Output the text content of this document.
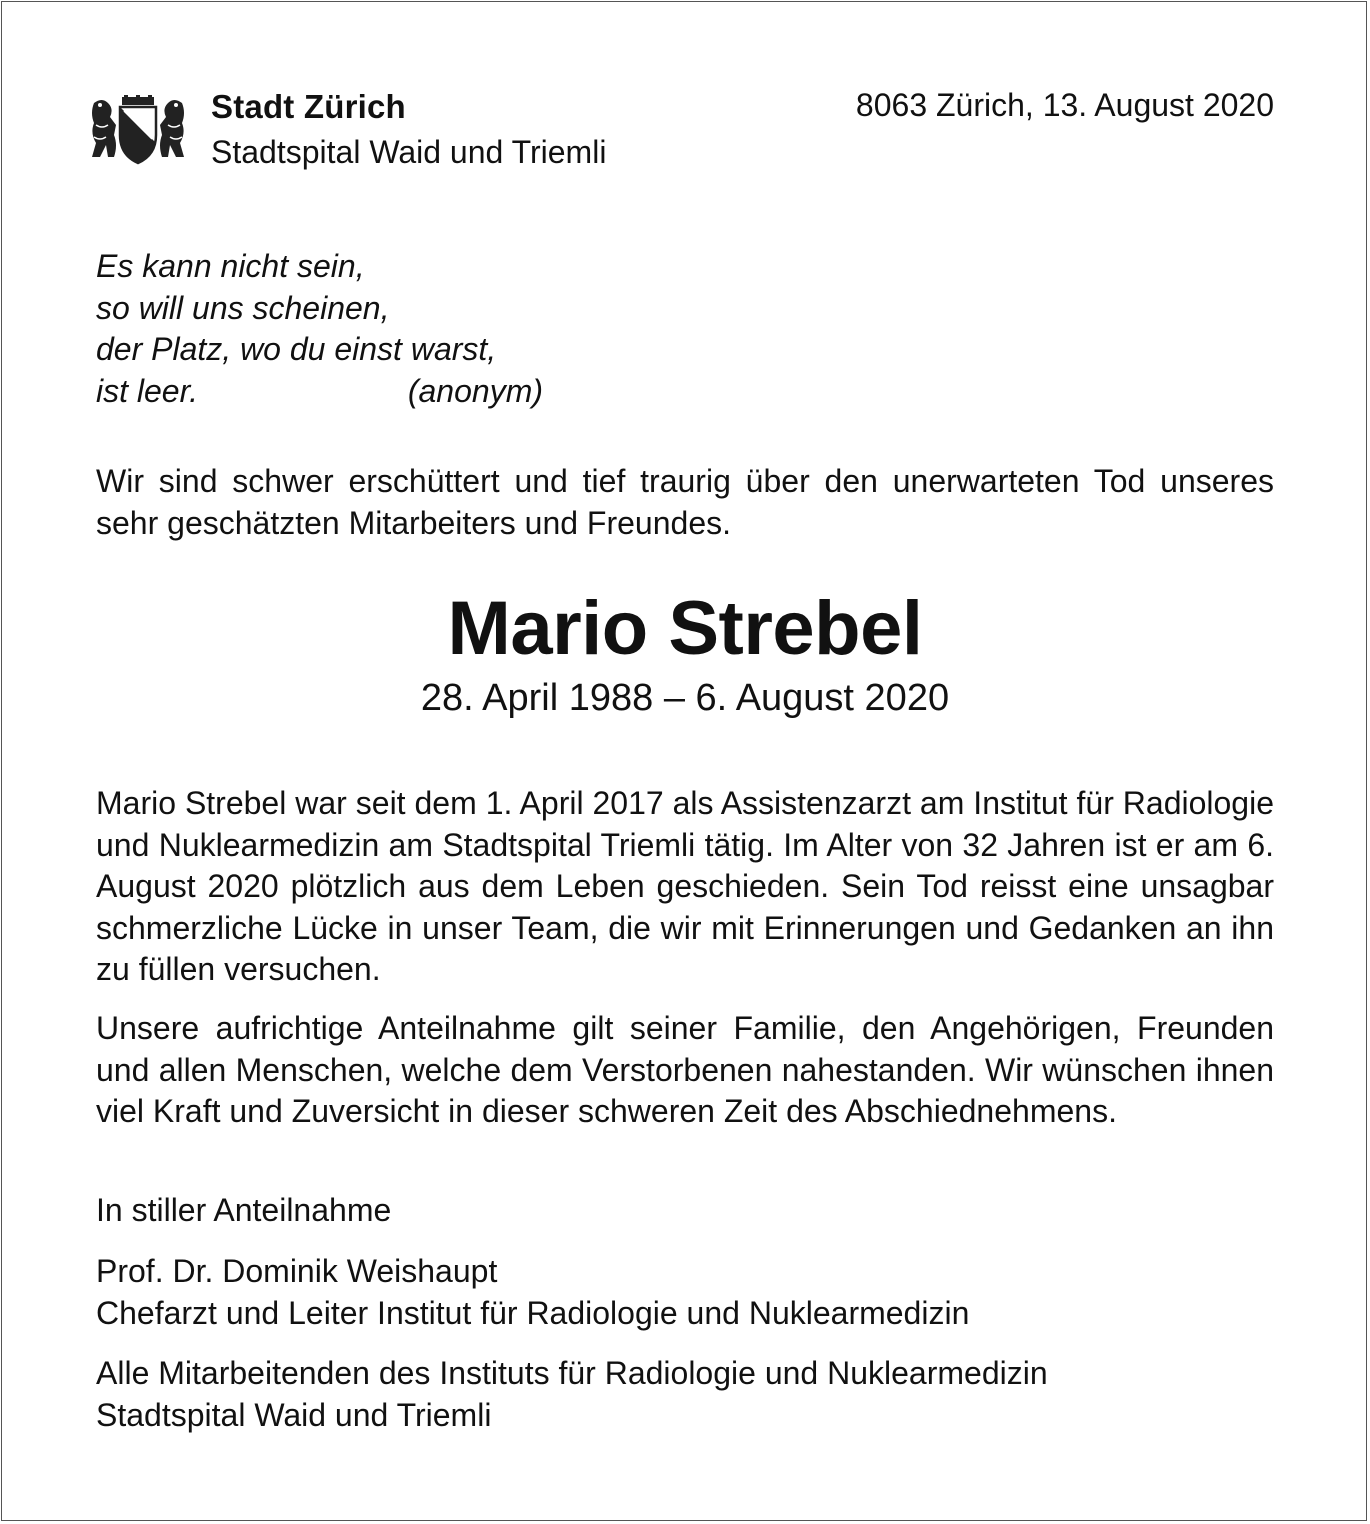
Stadt Zürich
Stadtspital Waid und Triemli
8063 Zürich, 13. August 2020
Es kann nicht sein,
so will uns scheinen,
der Platz, wo du einst warst,
ist leer.	(anonym)

Wir sind schwer erschüttert und tief traurig über den unerwarteten Tod unseres sehr geschätzten Mitarbeiters und Freundes.

Mario Strebel
28. April 1988 – 6. August 2020

Mario Strebel war seit dem 1. April 2017 als Assistenzarzt am Institut für Radiologie und Nuklearmedizin am Stadtspital Triemli tätig. Im Alter von 32 Jahren ist er am 6. August 2020 plötzlich aus dem Leben geschieden. Sein Tod reisst eine unsagbar schmerzliche Lücke in unser Team, die wir mit Erinnerungen und Gedanken an ihn zu füllen versuchen.

Unsere aufrichtige Anteilnahme gilt seiner Familie, den Angehörigen, Freunden und allen Menschen, welche dem Verstorbenen nahestanden. Wir wünschen ihnen viel Kraft und Zuversicht in dieser schweren Zeit des Abschiednehmens.

In stiller Anteilnahme
Prof. Dr. Dominik Weishaupt
Chefarzt und Leiter Institut für Radiologie und Nuklearmedizin
Alle Mitarbeitenden des Instituts für Radiologie und Nuklearmedizin
Stadtspital Waid und Triemli
